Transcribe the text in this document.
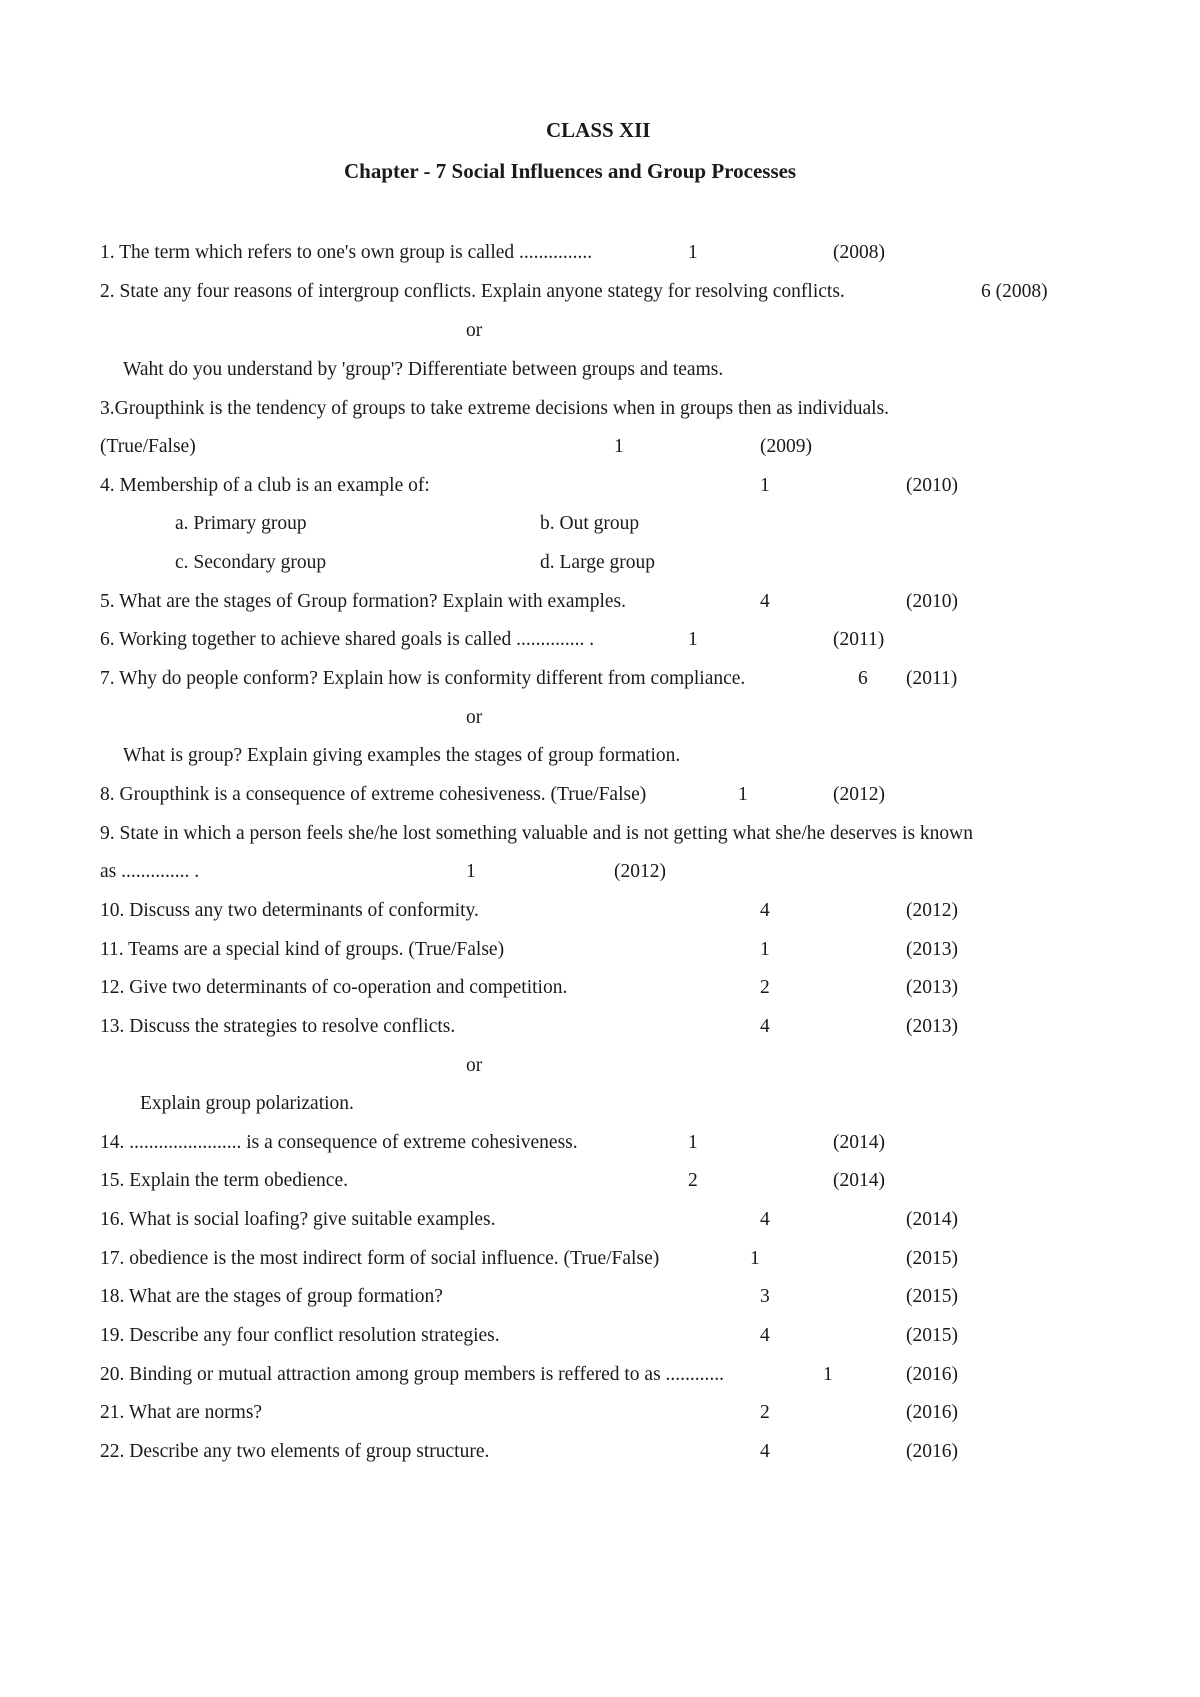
CLASS XII
Chapter - 7 Social Influences and Group Processes
1. The term which refers to one's own group is called ...............	1	(2008)
2. State any four reasons of intergroup conflicts. Explain anyone stategy for resolving conflicts.	6 (2008)
or
Waht do you understand by 'group'? Differentiate between groups and teams.
3.Groupthink is the tendency of groups to take extreme decisions when in groups then as individuals.
(True/False)	1	(2009)
4. Membership of a club is an example of:	1	(2010)
a. Primary group	b. Out group
c. Secondary group	d. Large group
5. What are the stages of Group formation? Explain with examples.	4	(2010)
6. Working together to achieve shared goals is called .............. .	1	(2011)
7. Why do people conform? Explain how is conformity different from compliance.	6 (2011)
or
What is group? Explain giving examples the stages of group formation.
8. Groupthink is a consequence of extreme cohesiveness. (True/False)	1	(2012)
9. State in which a person feels she/he lost something valuable and is not getting what she/he deserves is known
as .............. .	1	(2012)
10. Discuss any two determinants of conformity.	4	(2012)
11. Teams are a special kind of groups. (True/False)	1	(2013)
12. Give two determinants of co-operation and competition.	2	(2013)
13. Discuss the strategies to resolve conflicts.	4	(2013)
or
Explain group polarization.
14. ....................... is a consequence of extreme cohesiveness.	1	(2014)
15. Explain the term obedience.	2	(2014)
16. What is social loafing? give suitable examples.	4	(2014)
17. obedience is the most indirect form of social influence. (True/False)	1	(2015)
18. What are the stages of group formation?	3	(2015)
19. Describe any four conflict resolution strategies.	4	(2015)
20. Binding or mutual attraction among group members is reffered to as ............	1	(2016)
21. What are norms?	2	(2016)
22. Describe any two elements of group structure.	4	(2016)
